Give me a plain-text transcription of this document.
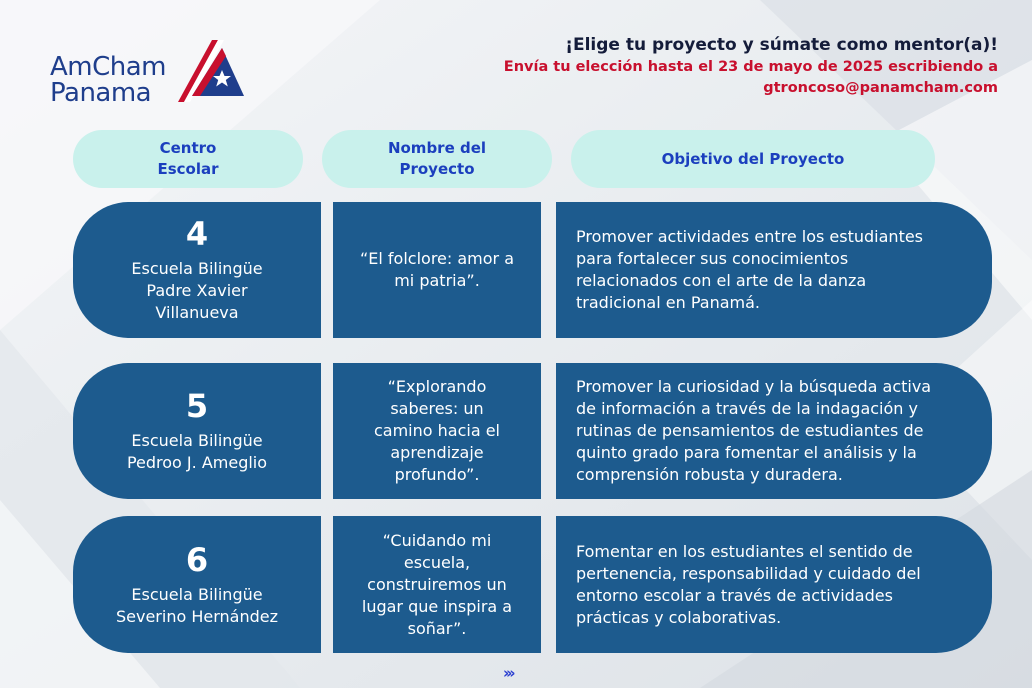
AmCham
Panama
¡Elige tu proyecto y súmate como mentor(a)!
Envía tu elección hasta el 23 de mayo de 2025 escribiendo a
gtroncoso@panamcham.com
Centro
Escolar
Nombre del
Proyecto
Objetivo del Proyecto
4
Escuela Bilingüe
Padre Xavier
Villanueva
“El folclore: amor a
mi patria”.
Promover actividades entre los estudiantes
para fortalecer sus conocimientos
relacionados con el arte de la danza
tradicional en Panamá.
5
Escuela Bilingüe
Pedroo J. Ameglio
“Explorando
saberes: un
camino hacia el
aprendizaje
profundo”.
Promover la curiosidad y la búsqueda activa
de información a través de la indagación y
rutinas de pensamientos de estudiantes de
quinto grado para fomentar el análisis y la
comprensión robusta y duradera.
6
Escuela Bilingüe
Severino Hernández
“Cuidando mi
escuela,
construiremos un
lugar que inspira a
soñar”.
Fomentar en los estudiantes el sentido de
pertenencia, responsabilidad y cuidado del
entorno escolar a través de actividades
prácticas y colaborativas.
›››
